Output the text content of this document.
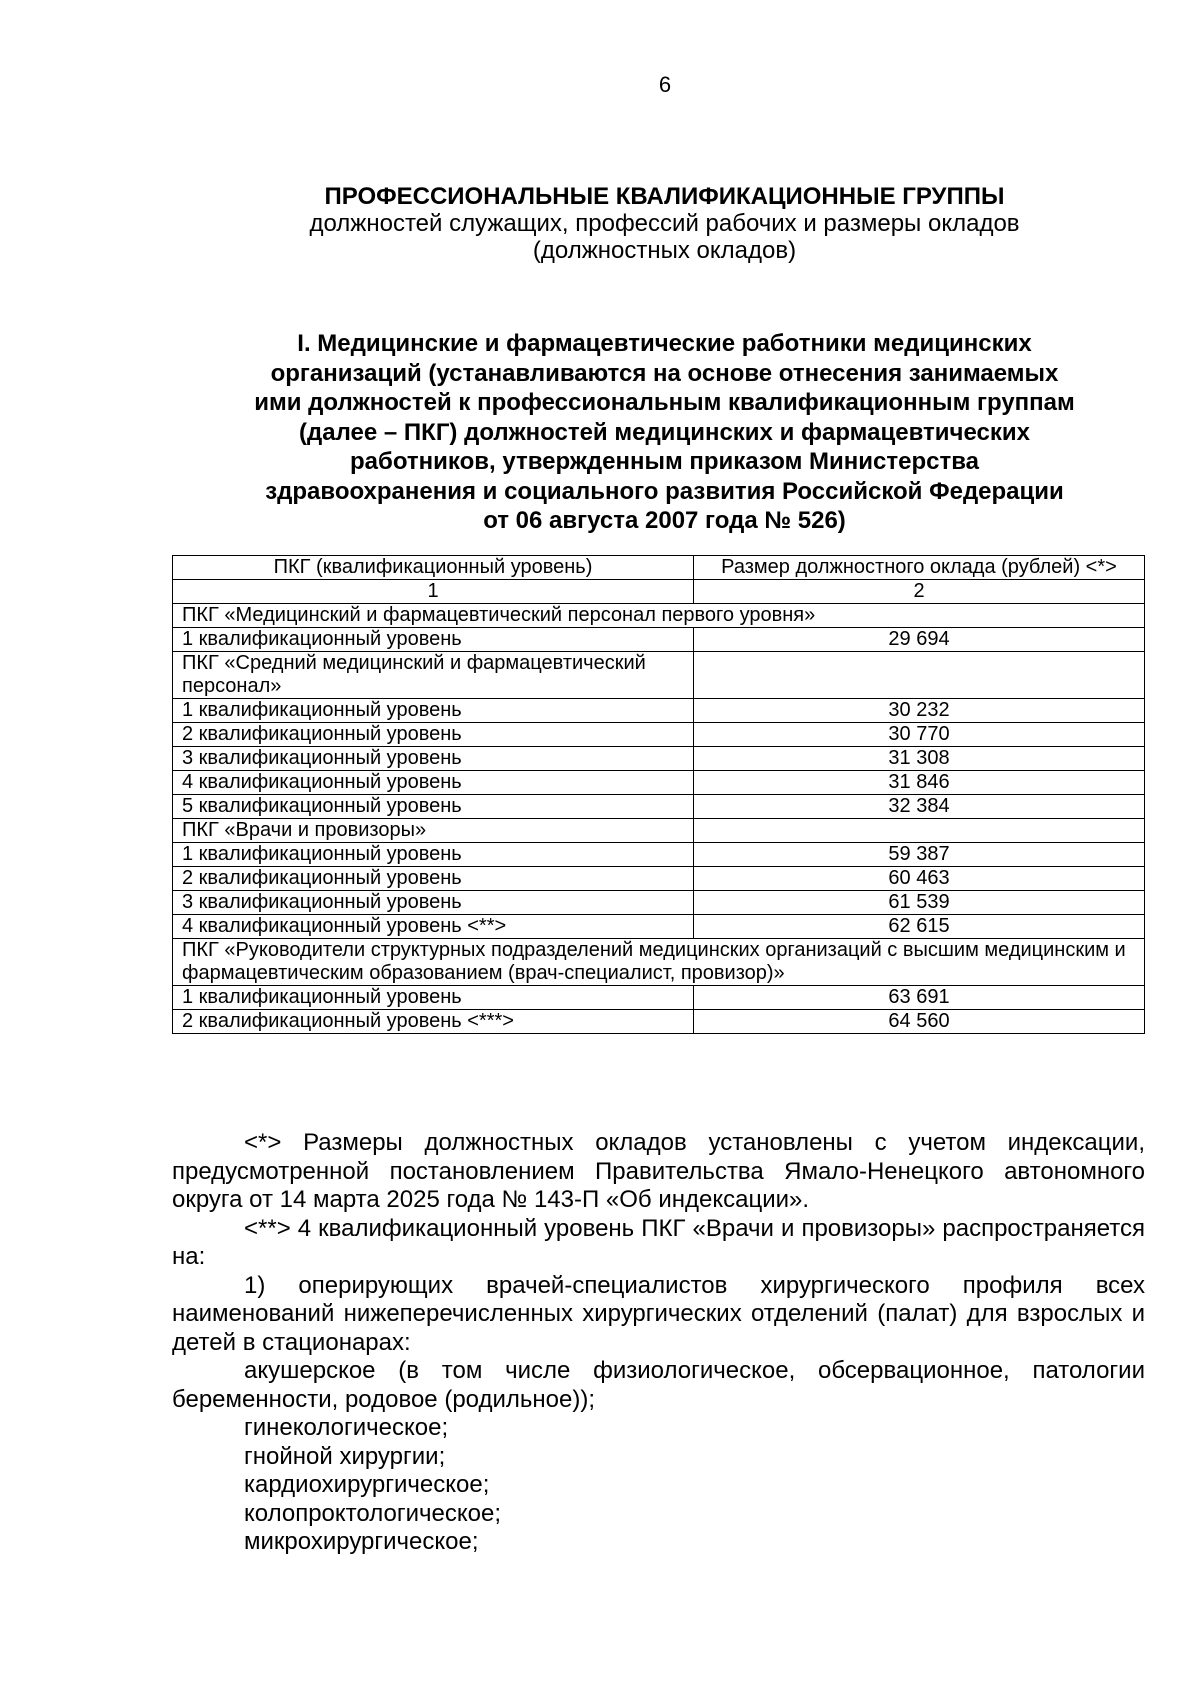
6
ПРОФЕССИОНАЛЬНЫЕ КВАЛИФИКАЦИОННЫЕ ГРУППЫ
должностей служащих, профессий рабочих и размеры окладов
(должностных окладов)
I. Медицинские и фармацевтические работники медицинских
организаций (устанавливаются на основе отнесения занимаемых
ими должностей к профессиональным квалификационным группам
(далее – ПКГ) должностей медицинских и фармацевтических
работников, утвержденным приказом Министерства
здравоохранения и социального развития Российской Федерации
от 06 августа 2007 года № 526)
ПКГ (квалификационный уровень)	Размер должностного оклада (рублей) <*>
1	2
ПКГ «Медицинский и фармацевтический персонал первого уровня»	
1 квалификационный уровень	29 694
ПКГ «Средний медицинский и фармацевтический персонал»	
1 квалификационный уровень	30 232
2 квалификационный уровень	30 770
3 квалификационный уровень	31 308
4 квалификационный уровень	31 846
5 квалификационный уровень	32 384
ПКГ «Врачи и провизоры»	
1 квалификационный уровень	59 387
2 квалификационный уровень	60 463
3 квалификационный уровень	61 539
4 квалификационный уровень <**>	62 615
ПКГ «Руководители структурных подразделений медицинских организаций с высшим медицинским и фармацевтическим образованием (врач-специалист, провизор)»	
1 квалификационный уровень	63 691
2 квалификационный уровень <***>	64 560

<*> Размеры должностных окладов установлены с учетом индексации, предусмотренной постановлением Правительства Ямало-Ненецкого автономного округа от 14 марта 2025 года № 143-П «Об индексации».

<**> 4 квалификационный уровень ПКГ «Врачи и провизоры» распространяется на:

1) оперирующих врачей-специалистов хирургического профиля всех наименований нижеперечисленных хирургических отделений (палат) для взрослых и детей в стационарах:

акушерское (в том числе физиологическое, обсервационное, патологии беременности, родовое (родильное));

гинекологическое;

гнойной хирургии;

кардиохирургическое;

колопроктологическое;

микрохирургическое;
